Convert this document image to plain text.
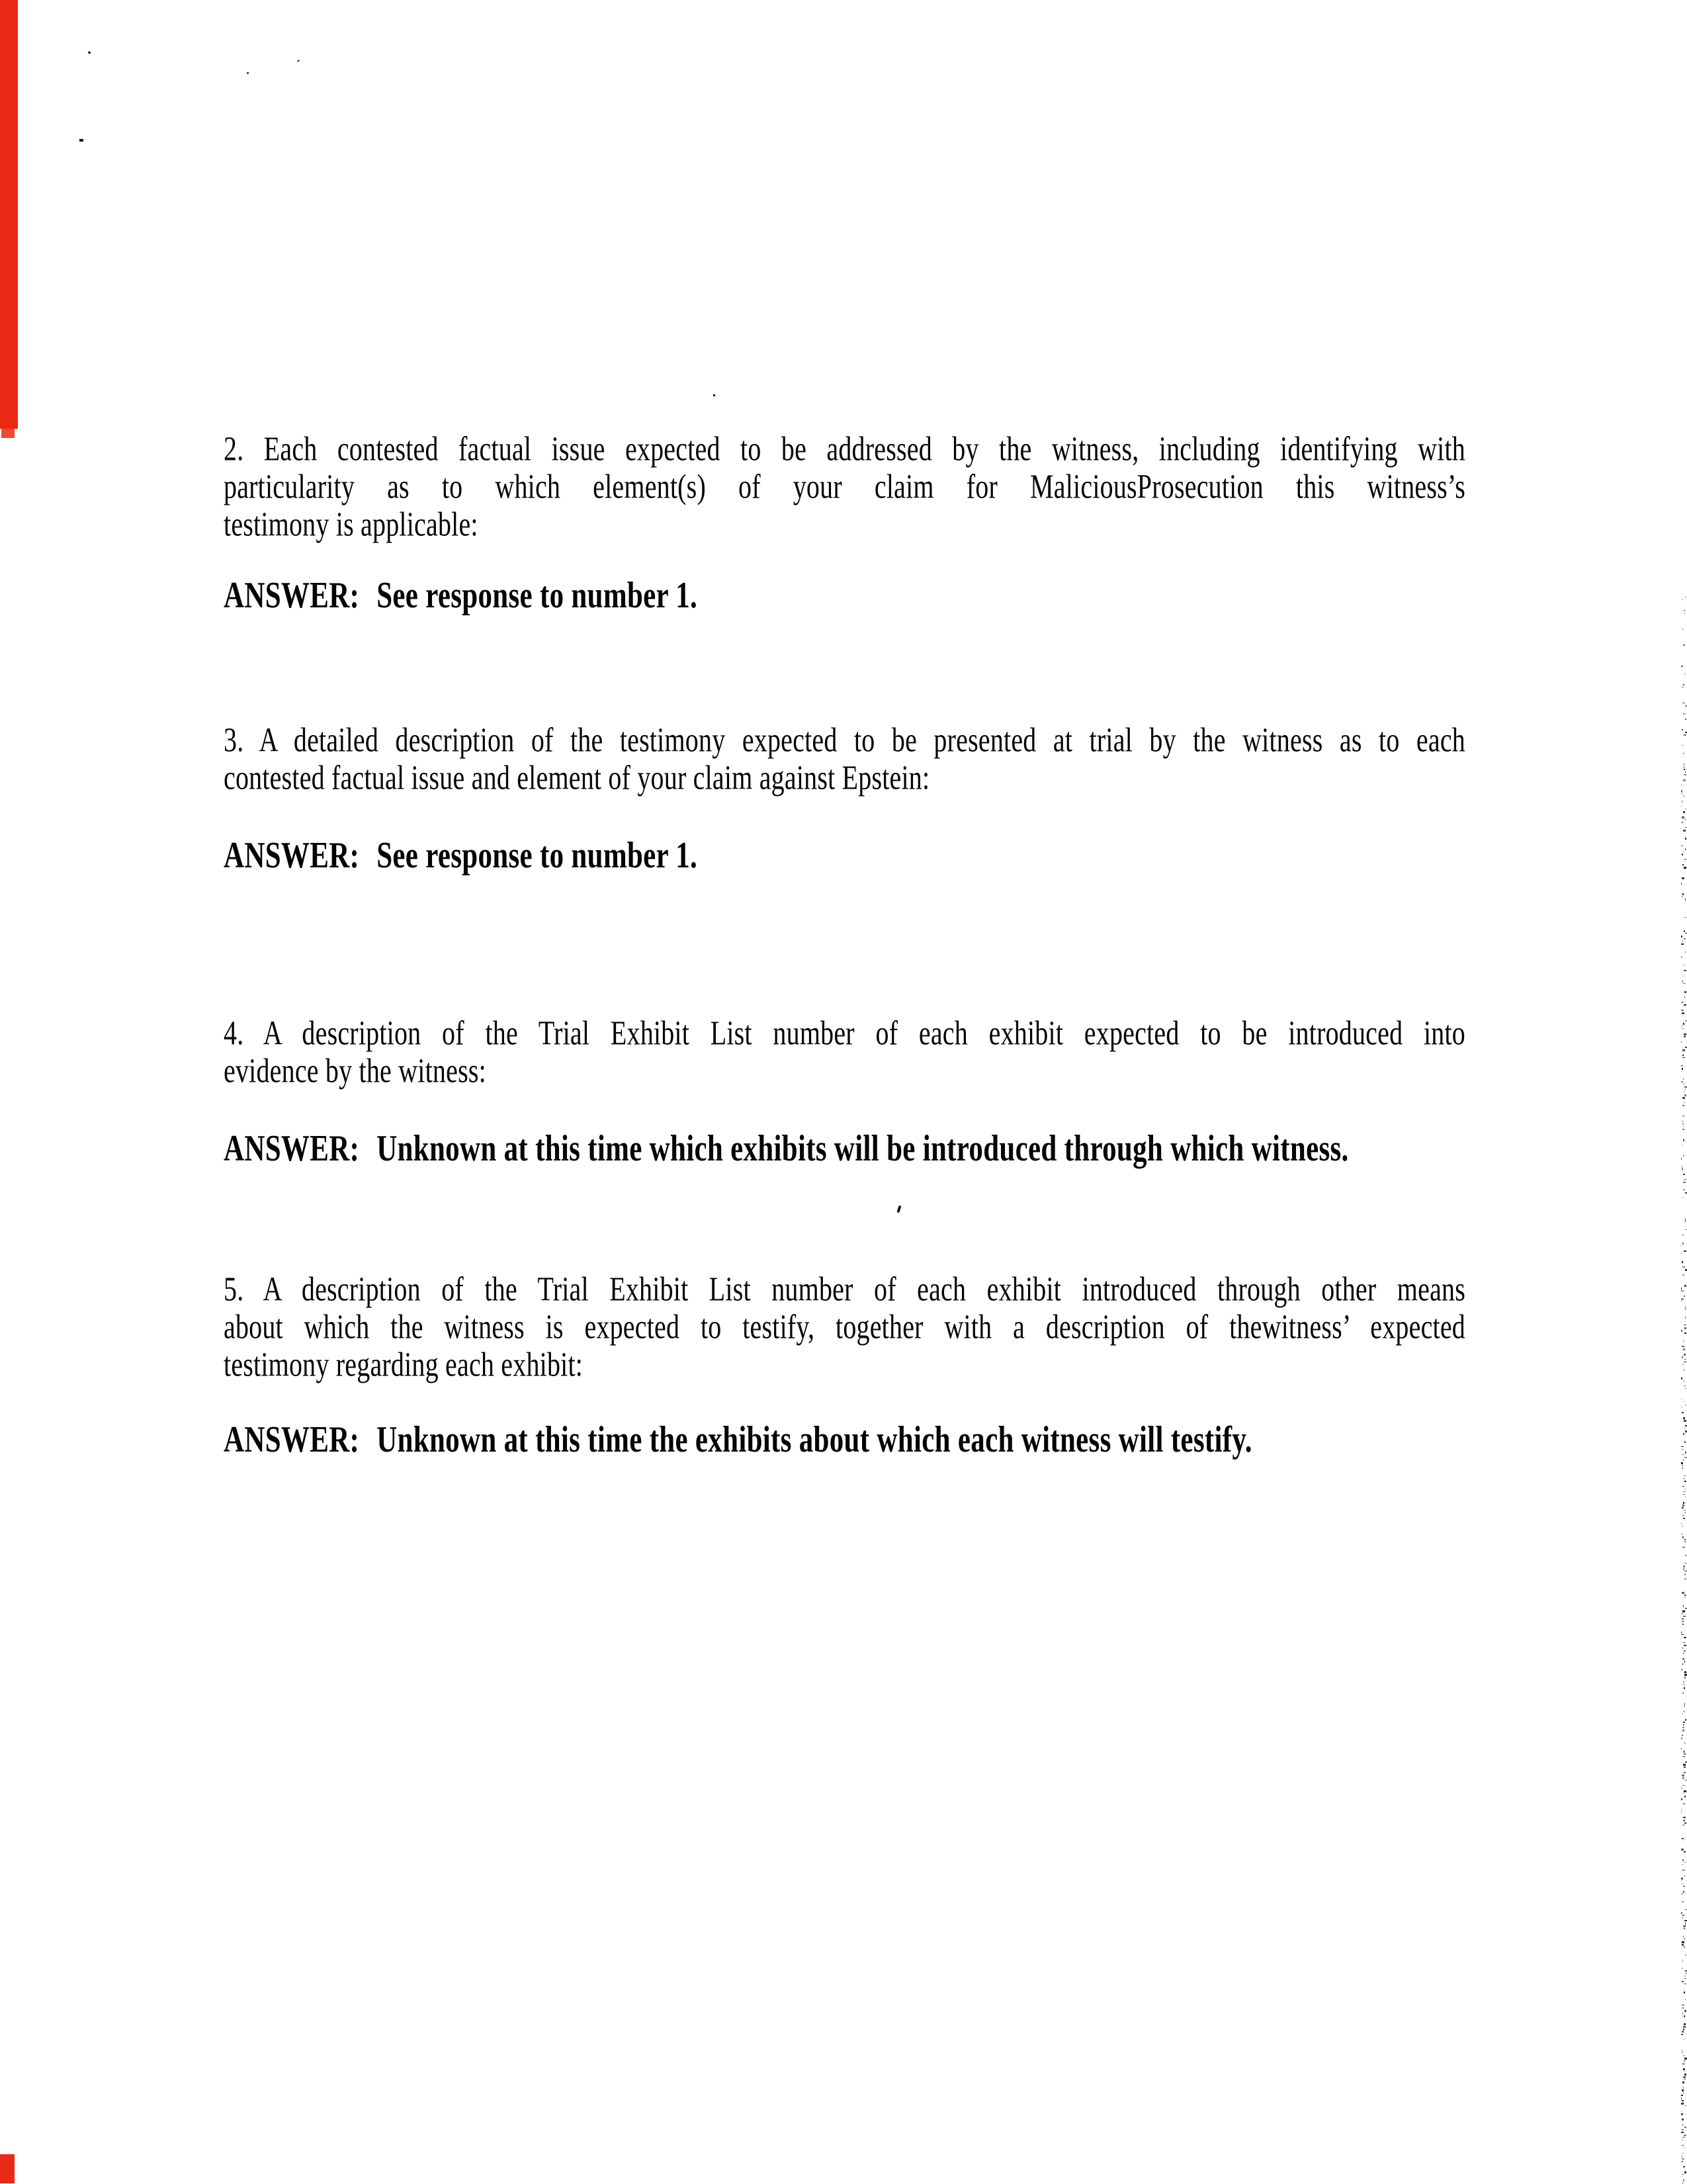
2. Each contested factual issue expected to be addressed by the witness, including identifying with
particularity as to which element(s) of your claim for MaliciousProsecution this witness’s
testimony is applicable:
ANSWER: See response to number 1.
3. A detailed description of the testimony expected to be presented at trial by the witness as to each
contested factual issue and element of your claim against Epstein:
ANSWER: See response to number 1.
4. A description of the Trial Exhibit List number of each exhibit expected to be introduced into
evidence by the witness:
ANSWER: Unknown at this time which exhibits will be introduced through which witness.
5. A description of the Trial Exhibit List number of each exhibit introduced through other means
about which the witness is expected to testify, together with a description of thewitness’ expected
testimony regarding each exhibit:
ANSWER: Unknown at this time the exhibits about which each witness will testify.
